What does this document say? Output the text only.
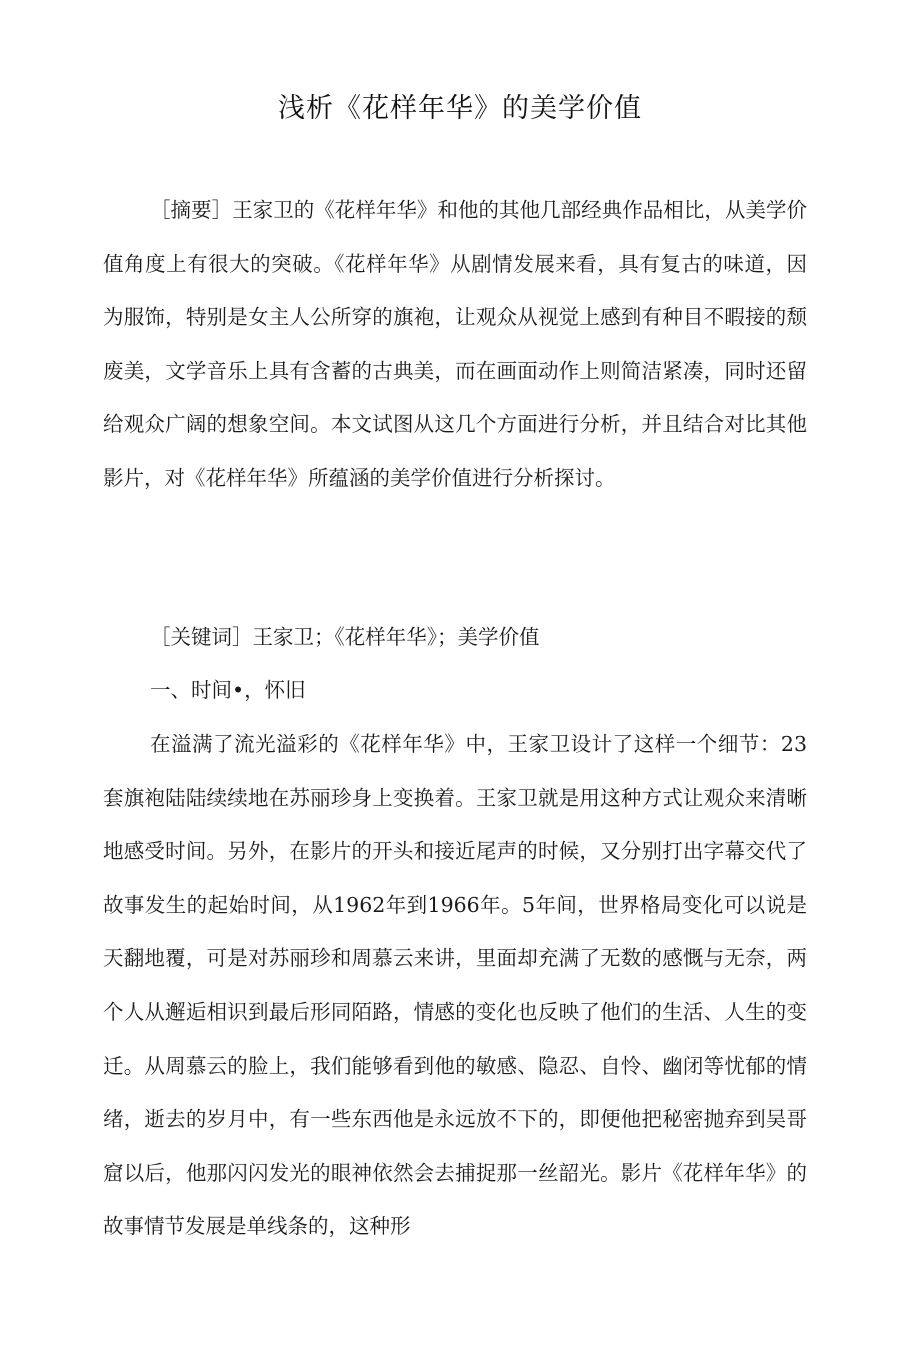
浅析《花样年华》的美学价值

［摘要］王家卫的《花样年华》和他的其他几部经典作品相比，从美学价值角度上有很大的突破。《花样年华》从剧情发展来看，具有复古的味道，因为服饰，特别是女主人公所穿的旗袍，让观众从视觉上感到有种目不暇接的颓废美，文学音乐上具有含蓄的古典美，而在画面动作上则简洁紧凑，同时还留给观众广阔的想象空间。本文试图从这几个方面进行分析，并且结合对比其他影片，对《花样年华》所蕴涵的美学价值进行分析探讨。

［关键词］王家卫；《花样年华》；美学价值

一、时间•，怀旧

在溢满了流光溢彩的《花样年华》中，王家卫设计了这样一个细节：23套旗袍陆陆续续地在苏丽珍身上变换着。王家卫就是用这种方式让观众来清晰地感受时间。另外，在影片的开头和接近尾声的时候，又分别打出字幕交代了故事发生的起始时间，从1962年到1966年。5年间，世界格局变化可以说是天翻地覆，可是对苏丽珍和周慕云来讲，里面却充满了无数的感慨与无奈，两个人从邂逅相识到最后形同陌路，情感的变化也反映了他们的生活、人生的变迁。从周慕云的脸上，我们能够看到他的敏感、隐忍、自怜、幽闭等忧郁的情绪，逝去的岁月中，有一些东西他是永远放不下的，即便他把秘密抛弃到吴哥窟以后，他那闪闪发光的眼神依然会去捕捉那一丝韶光。影片《花样年华》的故事情节发展是单线条的，这种形
